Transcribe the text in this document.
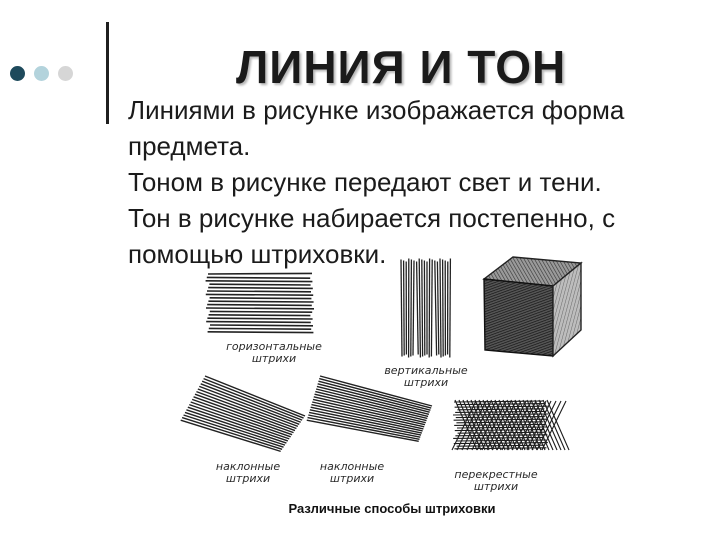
ЛИНИЯ И ТОН

Линиями в рисунке изображается форма предмета.

Тоном в рисунке передают свет и тени.

Тон в рисунке набирается постепенно, с помощью штриховки.

горизонтальные
штрихи
вертикальные
штрихи
наклонные
штрихи
наклонные
штрихи	перекрестные
штрихи
Различные способы штриховки
